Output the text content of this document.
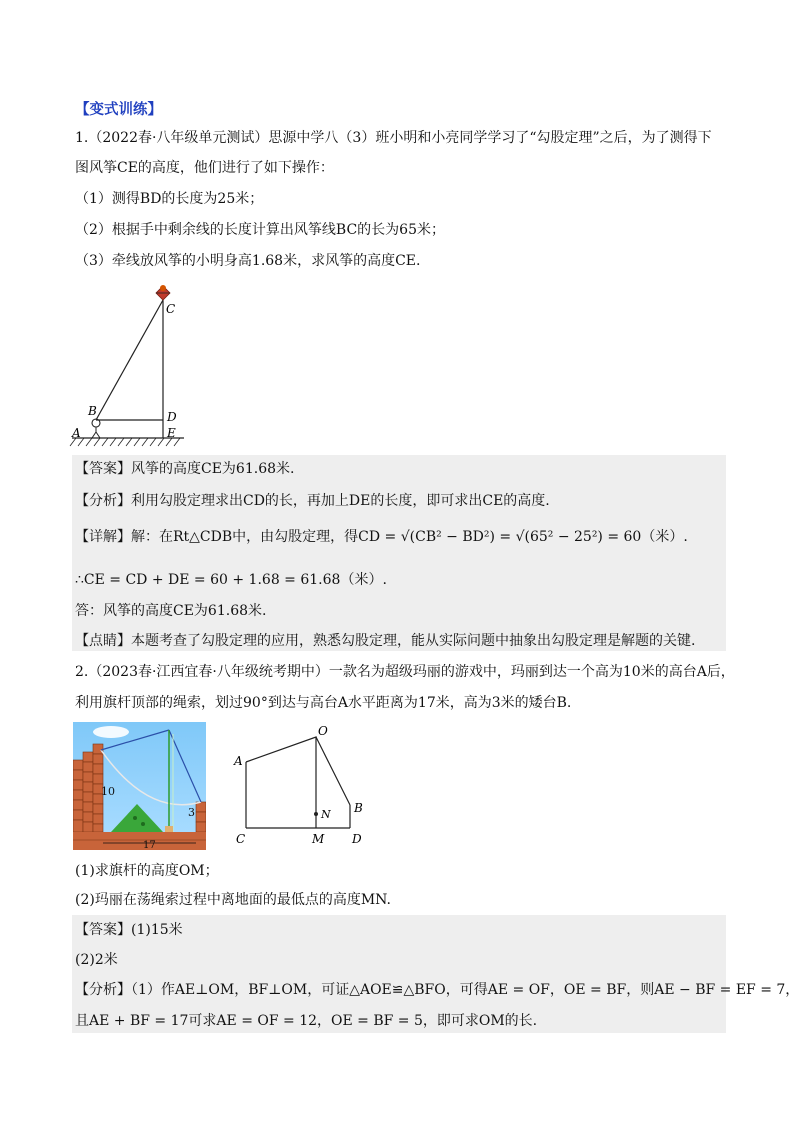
【变式训练】
1.（2022春·八年级单元测试）思源中学八（3）班小明和小亮同学学习了“勾股定理”之后，为了测得下
图风筝CE的高度，他们进行了如下操作：
（1）测得BD的长度为25米；
（2）根据手中剩余线的长度计算出风筝线BC的长为65米；
（3）牵线放风筝的小明身高1.68米，求风筝的高度CE.
C
B	D
A	E
【答案】风筝的高度CE为61.68米.
【分析】利用勾股定理求出CD的长，再加上DE的长度，即可求出CE的高度.
【详解】解：在Rt△CDB中，由勾股定理，得CD = √(CB² − BD²) = √(65² − 25²) = 60（米）.
∴CE = CD + DE = 60 + 1.68 = 61.68（米）.
答：风筝的高度CE为61.68米.
【点睛】本题考查了勾股定理的应用，熟悉勾股定理，能从实际问题中抽象出勾股定理是解题的关键.
2.（2023春·江西宜春·八年级统考期中）一款名为超级玛丽的游戏中，玛丽到达一个高为10米的高台A后，
利用旗杆顶部的绳索，划过90°到达与高台A水平距离为17米，高为3米的矮台B.
10
3
17
O
A
B
N
C	M D
(1)求旗杆的高度OM；
(2)玛丽在荡绳索过程中离地面的最低点的高度MN.
【答案】(1)15米
(2)2米
【分析】（1）作AE⊥OM，BF⊥OM，可证△AOE≌△BFO，可得AE = OF，OE = BF，则AE − BF = EF = 7，
且AE + BF = 17可求AE = OF = 12，OE = BF = 5，即可求OM的长.
